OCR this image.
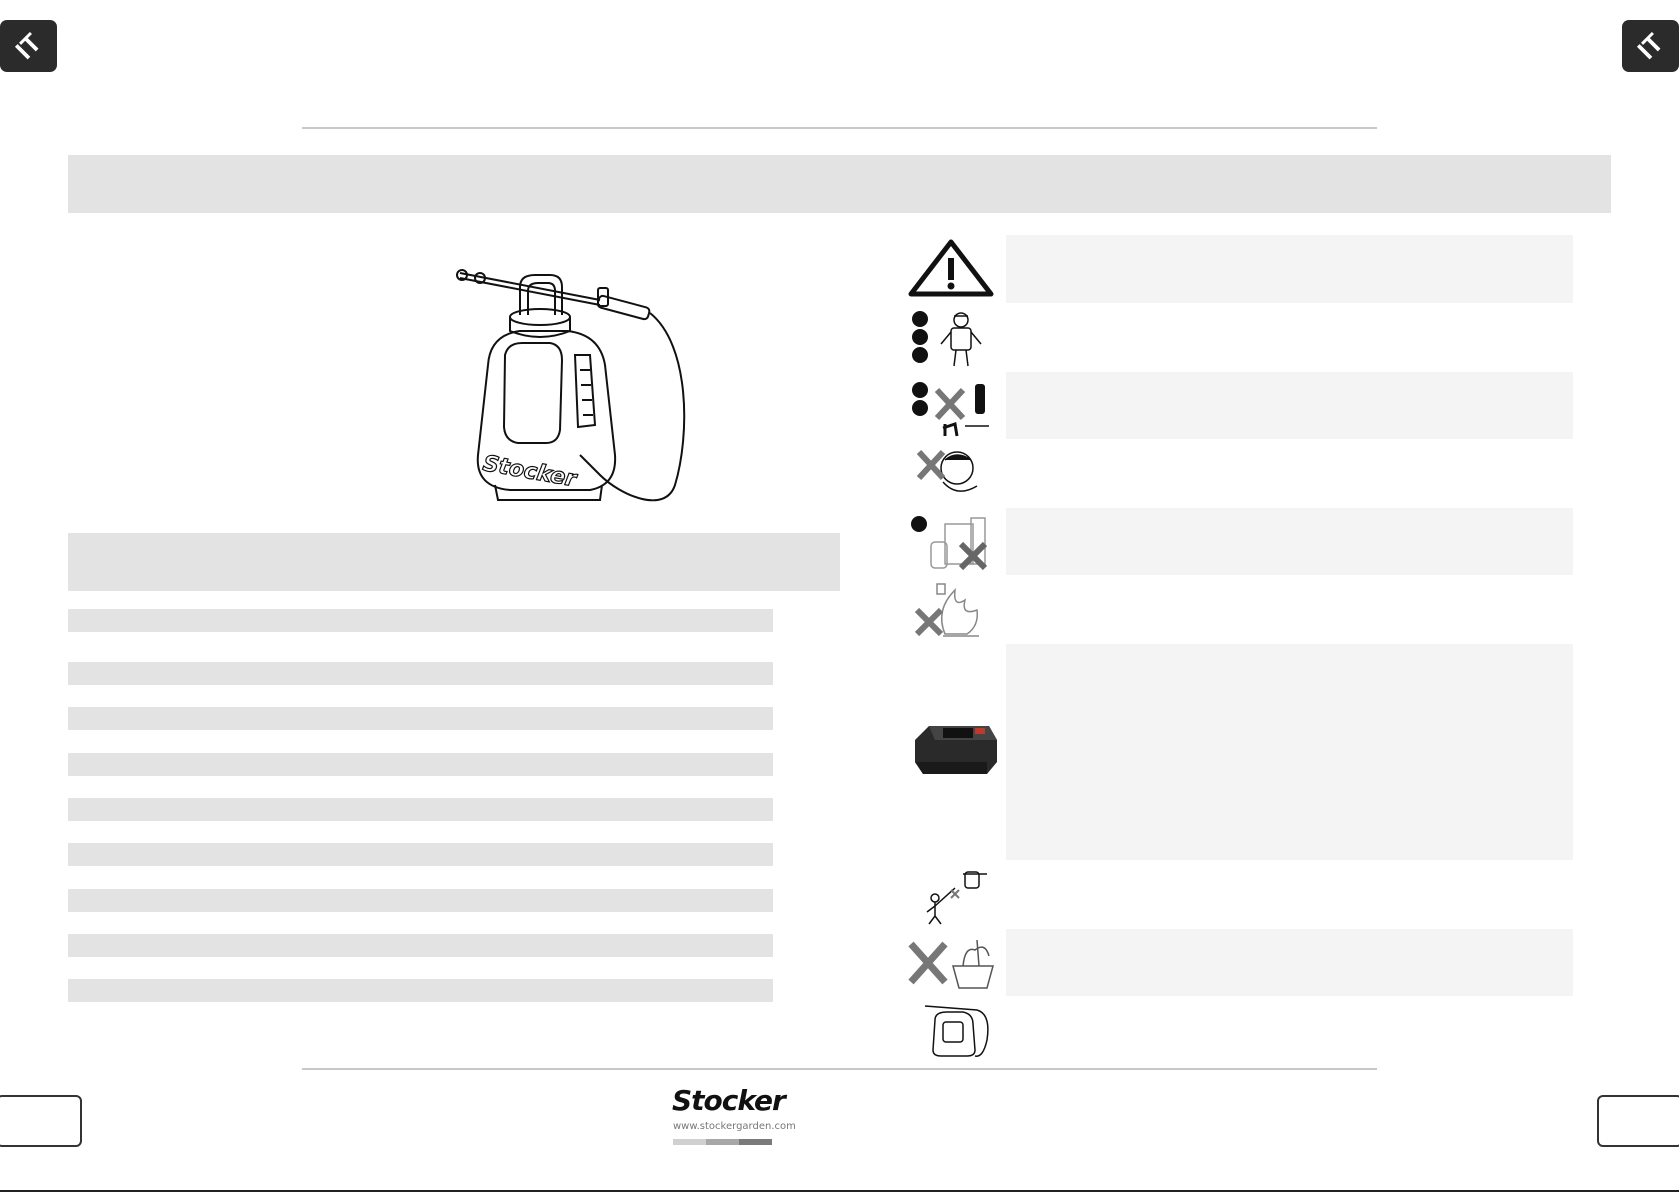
IT	IT
Stocker
Stocker
www.stockergarden.com
